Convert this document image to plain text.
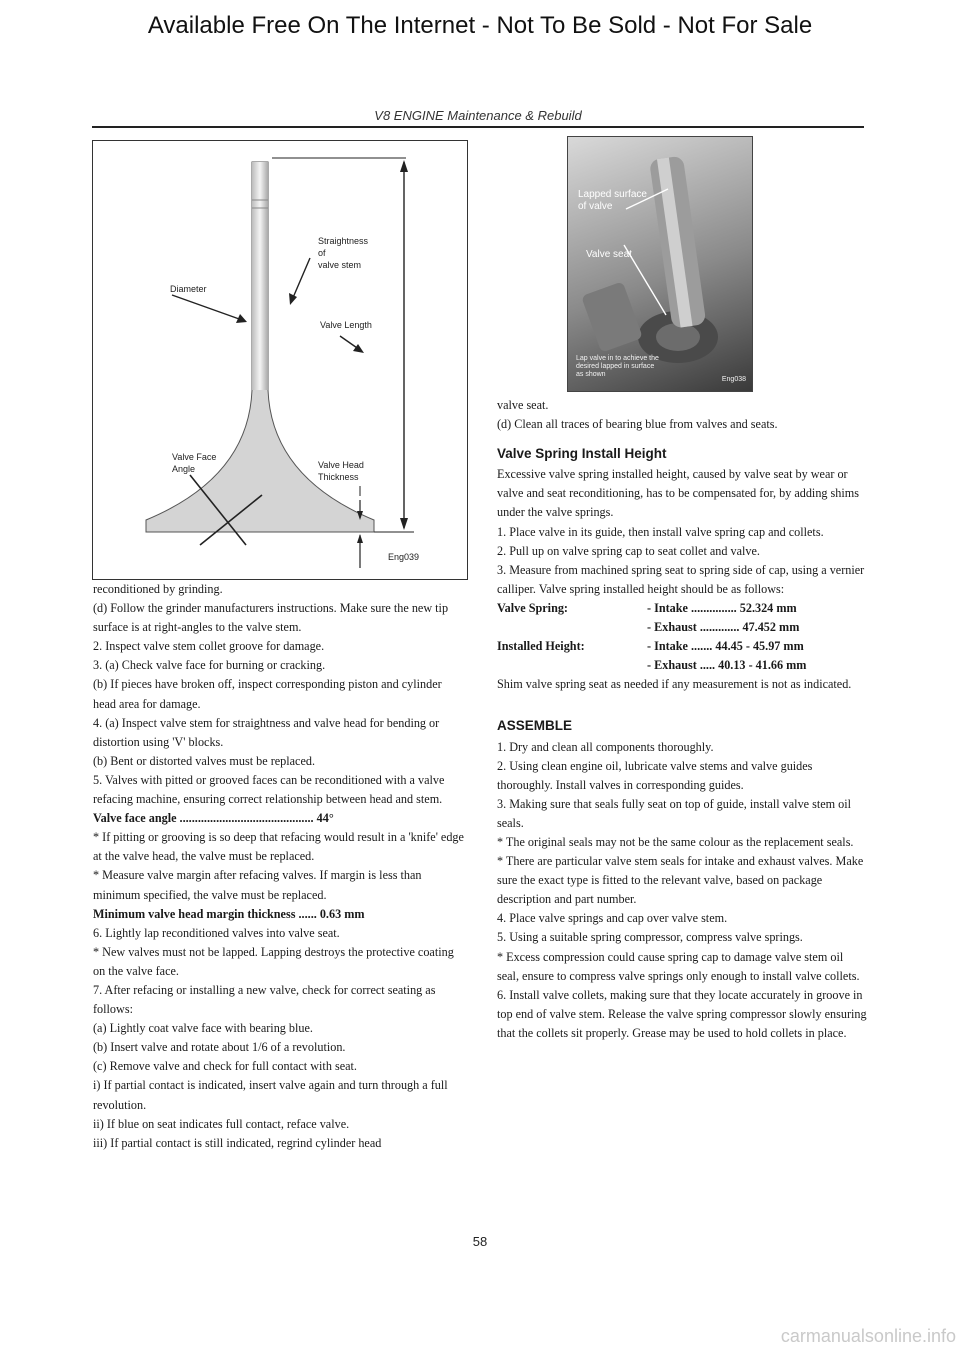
Available Free On The Internet - Not To Be Sold - Not For Sale
V8 ENGINE Maintenance & Rebuild
Straightness
of
valve stem
Diameter
Valve Length
Valve Face
Angle	Valve Head
Thickness
Eng039
Lapped surface
of valve
Valve seat
Lap valve in to achieve the
desired lapped in surface
as shown
Eng038

reconditioned by grinding.

(d) Follow the grinder manufacturers instructions. Make sure the new tip surface is at right-angles to the valve stem.

2. Inspect valve stem collet groove for damage.

3. (a) Check valve face for burning or cracking.

(b) If pieces have broken off, inspect corresponding piston and cylinder head area for damage.

4. (a) Inspect valve stem for straightness and valve head for bending or distortion using 'V' blocks.

(b) Bent or distorted valves must be replaced.

5. Valves with pitted or grooved faces can be reconditioned with a valve refacing machine, ensuring correct relationship between head and stem.

Valve face angle ............................................ 44°

* If pitting or grooving is so deep that refacing would result in a 'knife' edge at the valve head, the valve must be replaced.

* Measure valve margin after refacing valves. If margin is less than minimum specified, the valve must be replaced.

Minimum valve head margin thickness ...... 0.63 mm

6. Lightly lap reconditioned valves into valve seat.

* New valves must not be lapped. Lapping destroys the protective coating on the valve face.

7. After refacing or installing a new valve, check for correct seating as follows:

(a) Lightly coat valve face with bearing blue.

(b) Insert valve and rotate about 1/6 of a revolution.

(c) Remove valve and check for full contact with seat.

i) If partial contact is indicated, insert valve again and turn through a full revolution.

ii) If blue on seat indicates full contact, reface valve.

iii) If partial contact is still indicated, regrind cylinder head

valve seat.

(d) Clean all traces of bearing blue from valves and seats.

Valve Spring Install Height

Excessive valve spring installed height, caused by valve seat by wear or valve and seat reconditioning, has to be compensated for, by adding shims under the valve springs.

1. Place valve in its guide, then install valve spring cap and collets.

2. Pull up on valve spring cap to seat collet and valve.

3. Measure from machined spring seat to spring side of cap, using a vernier calliper. Valve spring installed height should be as follows:

Valve Spring:	- Intake ............... 52.324 mm
- Exhaust ............. 47.452 mm
Installed Height:	- Intake ....... 44.45 - 45.97 mm
- Exhaust ..... 40.13 - 41.66 mm

Shim valve spring seat as needed if any measurement is not as indicated.

ASSEMBLE

1. Dry and clean all components thoroughly.

2. Using clean engine oil, lubricate valve stems and valve guides thoroughly. Install valves in corresponding guides.

3. Making sure that seals fully seat on top of guide, install valve stem oil seals.

* The original seals may not be the same colour as the replacement seals.

* There are particular valve stem seals for intake and exhaust valves. Make sure the exact type is fitted to the relevant valve, based on package description and part number.

4. Place valve springs and cap over valve stem.

5. Using a suitable spring compressor, compress valve springs.

* Excess compression could cause spring cap to damage valve stem oil seal, ensure to compress valve springs only enough to install valve collets.

6. Install valve collets, making sure that they locate accurately in groove in top end of valve stem. Release the valve spring compressor slowly ensuring that the collets sit properly. Grease may be used to hold collets in place.

58
carmanualsonline.info
